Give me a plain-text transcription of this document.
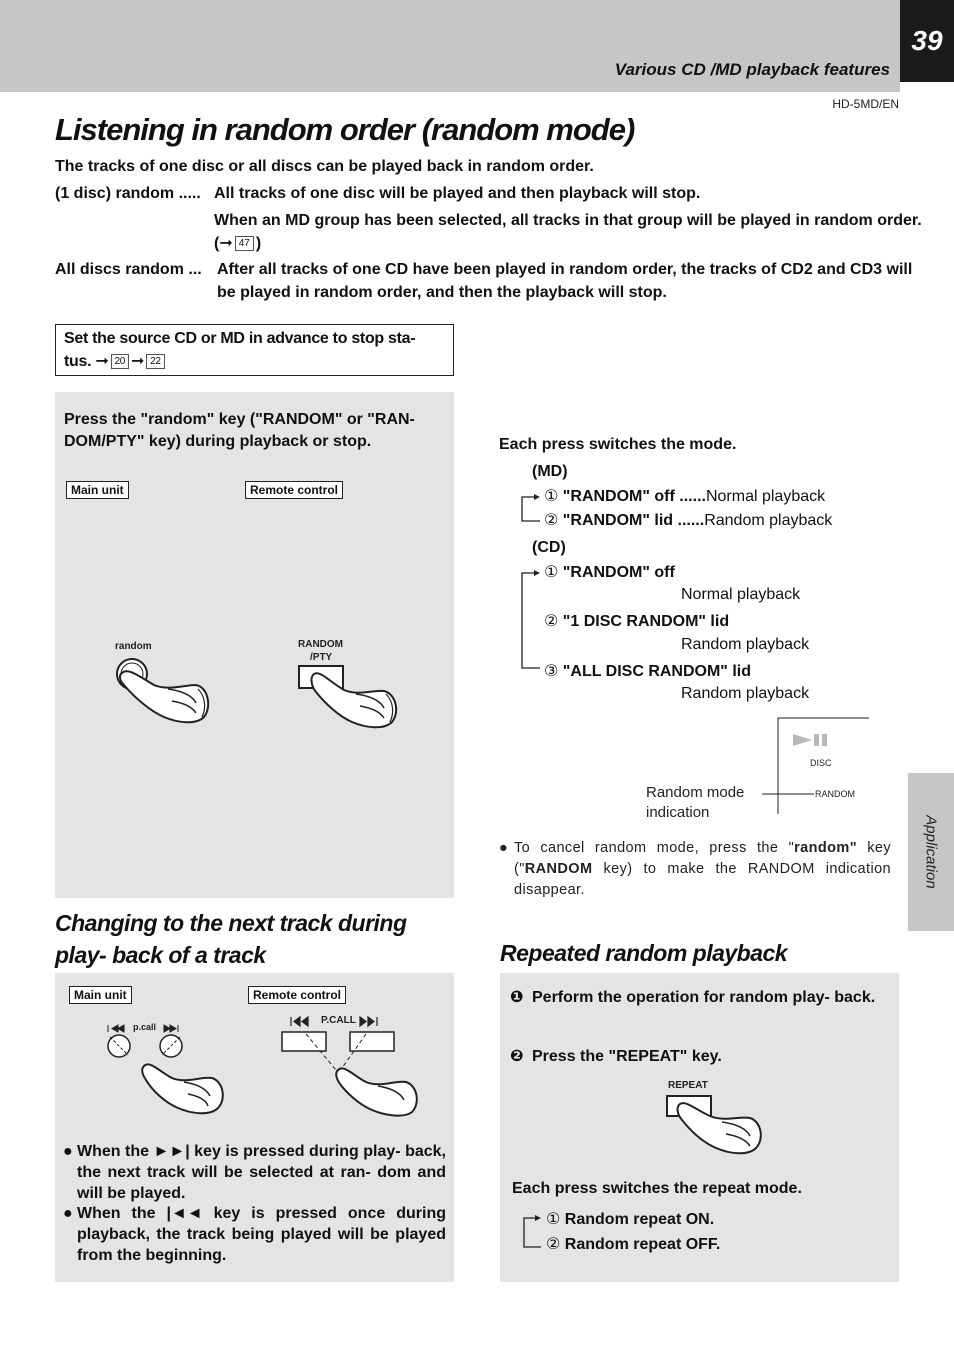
Various CD /MD playback features
39
HD-5MD/EN
Application
Listening in random order (random mode)
The tracks of one disc or all discs can be played back in random order.
(1 disc) random ..... All tracks of one disc will be played and then playback will stop.
When an MD group has been selected, all tracks in that group will be played in random order. (➞ 47 )
All discs random ... After all tracks of one CD have been played in random order, the tracks of CD2 and CD3 will be played in random order, and then the playback will stop.
Set the source CD or MD in advance to stop sta- tus. ➞ 20 ➞ 22
Press the "random" key ("RANDOM" or "RAN- DOM/PTY" key) during playback or stop.
Main unit	Remote control
random	RANDOM
/PTY
Each press switches the mode.
(MD)
① "RANDOM" off ......Normal playback
② "RANDOM" lid ......Random playback
(CD)
① "RANDOM" off
Normal playback
② "1 DISC RANDOM" lid
Random playback
③ "ALL DISC RANDOM" lid
Random playback
DISC
RANDOM
Random mode
indication
● To cancel random mode, press the "random" key ("RANDOM key) to make the RANDOM indication disappear.
Changing to the next track during play- back of a track
Main unit	Remote control
p.call
P.CALL
● When the ►►| key is pressed during play- back, the next track will be selected at ran- dom and will be played.
● When the |◄◄ key is pressed once during playback, the track being played will be played from the beginning.
Repeated random playback
❶ Perform the operation for random play- back.
❷ Press the "REPEAT" key.
REPEAT
Each press switches the repeat mode.
① Random repeat ON.
② Random repeat OFF.
